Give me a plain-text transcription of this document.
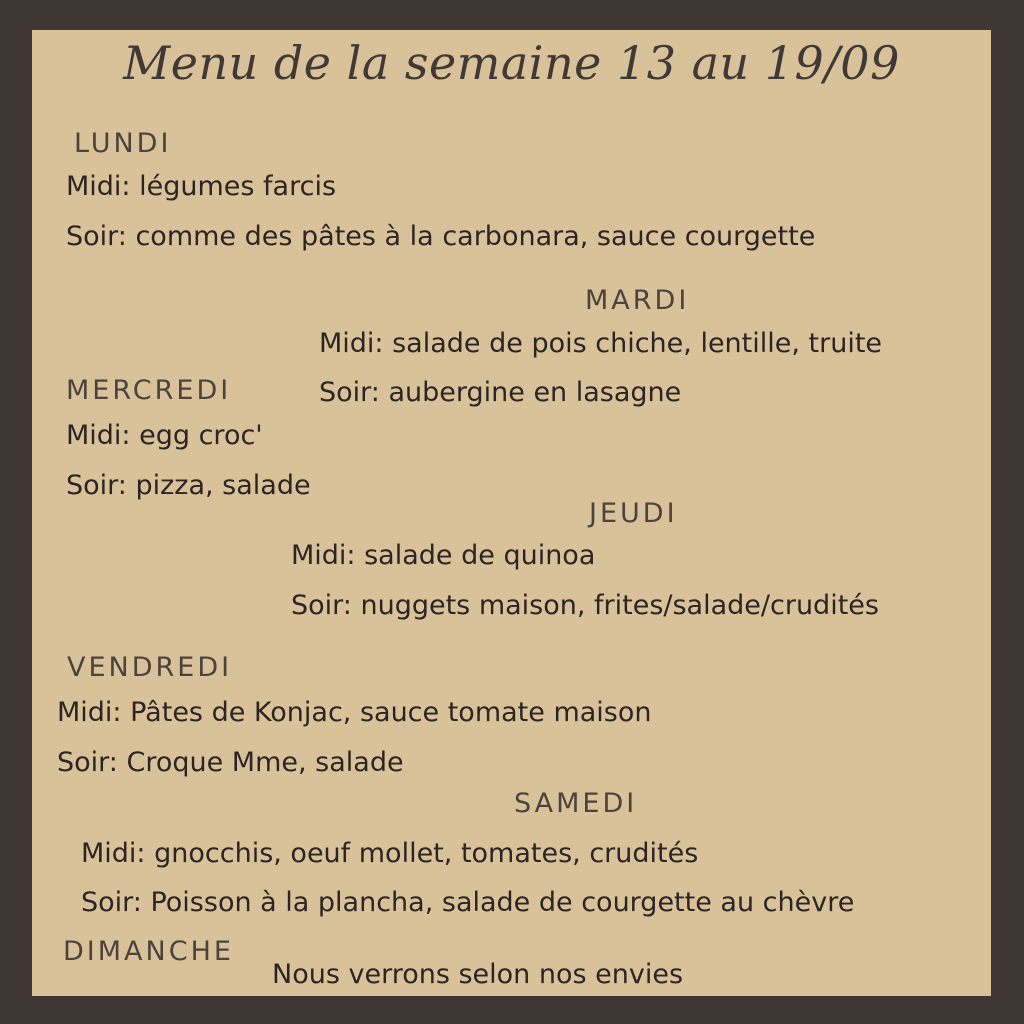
Menu de la semaine 13 au 19/09
LUNDI
Midi: légumes farcis
Soir: comme des pâtes à la carbonara, sauce courgette
MARDI
Midi: salade de pois chiche, lentille, truite
Soir: aubergine en lasagne
MERCREDI
Midi: egg croc'
Soir: pizza, salade
JEUDI
Midi: salade de quinoa
Soir: nuggets maison, frites/salade/crudités
VENDREDI
Midi: Pâtes de Konjac, sauce tomate maison
Soir: Croque Mme, salade
SAMEDI
Midi: gnocchis, oeuf mollet, tomates, crudités
Soir: Poisson à la plancha, salade de courgette au chèvre
DIMANCHE
Nous verrons selon nos envies
